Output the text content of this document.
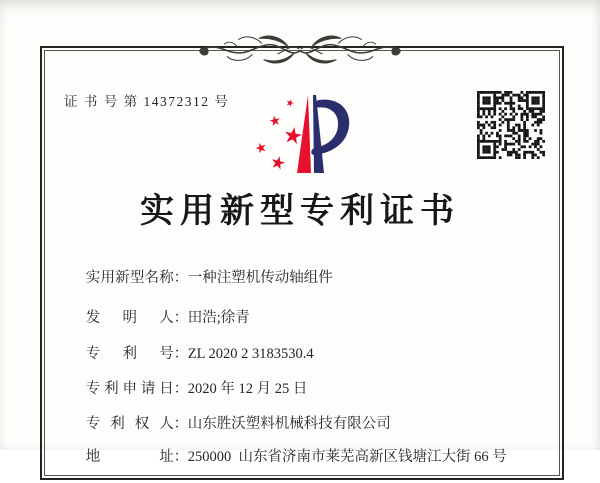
证 书 号 第 14372312 号
实用新型专利证书

实用新型名称：一种注塑机传动轴组件

发明人：田浩;徐青

专利号：ZL 2020 2 3183530.4

专利申请日：2020 年 12 月 25 日

专利权人：山东胜沃塑料机械科技有限公司

地址：250000  山东省济南市莱芜高新区钱塘江大街 66 号
